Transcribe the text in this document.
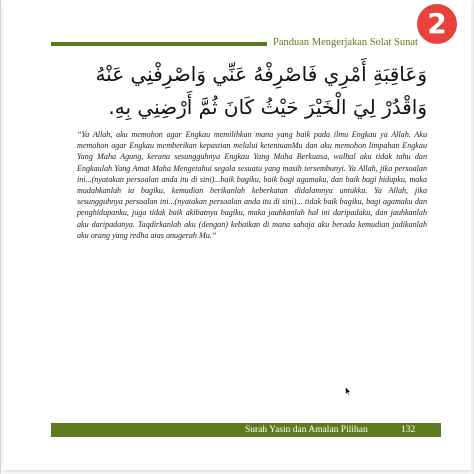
Panduan Mengerjakan Solat Sunat
وَعَاقِبَةِ أَمْرِي فَاصْرِفْهُ عَنِّي وَاصْرِفْنِي عَنْهُ وَاقْدُرْ لِيَ الْخَيْرَ حَيْثُ كَانَ ثُمَّ أَرْضِنِي بِهِ.

“Ya Allah, aku memohon agar Engkau memilihkan mana yang baik pada ilmu Engkau ya Allah. Aku memohon agar Engkau memberikan kepastian melalui ketentuanMu dan aku memohon limpahan Engkau Yang Maha Agung, kerana sesungguhnya Engkau Yang Maha Berkuasa, walhal aku tidak tahu dan Engkaulah Yang Amat Maha Mengetahui segala sesuatu yang masih tersembunyi. Ya Allah, jika persoalan ini...(nyatakan persoalan anda itu di sini)...baik bagiku, baik bagi agamaku, dan baik bagi hidupku, maka mudahkanlah ia bagiku, kemudian berikanlah keberkatan didalamnya untukku. Ya Allah, jika sesungguhnya persoalan ini...(nyatakan persoalan anda itu di sini)... tidak baik bagiku, bagi agamaku dan penghidupanku, juga tidak baik akibatnya bagiku, maka jauhkanlah hal ini daripadaku, dan jauhkanlah aku daripadanya. Taqdirkanlah aku (dengan) kebaikan di mana sahaja aku berada kemudian jadikanlah aku orang yang redha atas anugerah Mu.”

Surah Yasin dan Amalan Pilihan	132
2
